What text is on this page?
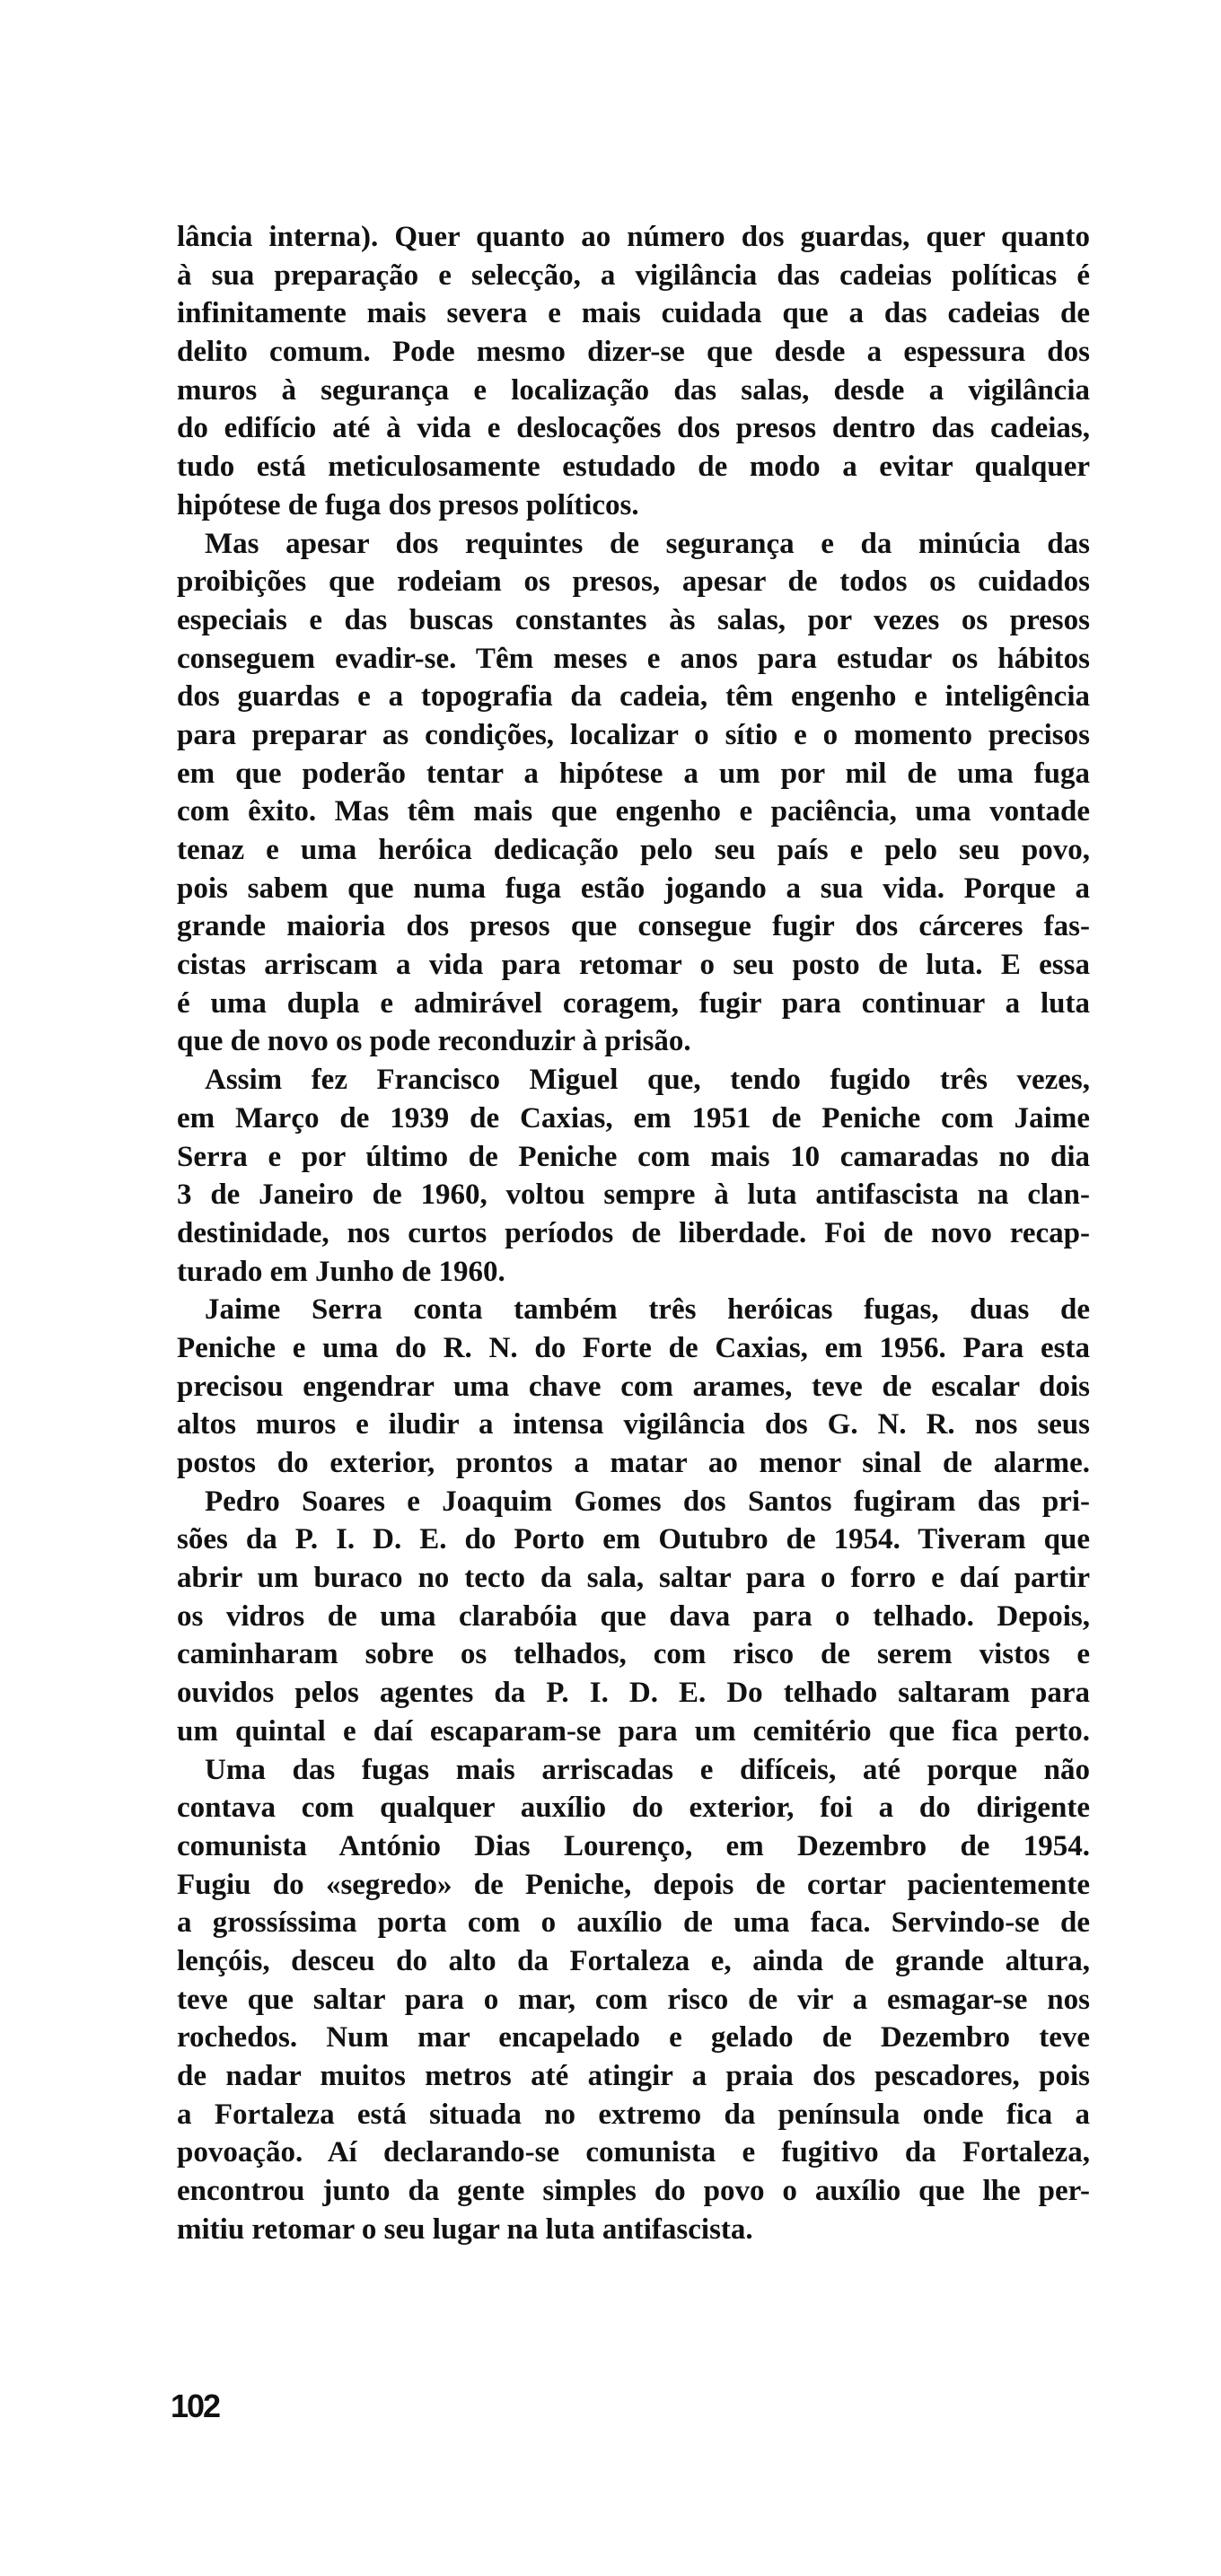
lância interna). Quer quanto ao número dos guardas, quer quanto
à sua preparação e selecção, a vigilância das cadeias políticas é
infinitamente mais severa e mais cuidada que a das cadeias de
delito comum. Pode mesmo dizer-se que desde a espessura dos
muros à segurança e localização das salas, desde a vigilância
do edifício até à vida e deslocações dos presos dentro das cadeias,
tudo está meticulosamente estudado de modo a evitar qualquer
hipótese de fuga dos presos políticos.

Mas apesar dos requintes de segurança e da minúcia das
proibições que rodeiam os presos, apesar de todos os cuidados
especiais e das buscas constantes às salas, por vezes os presos
conseguem evadir-se. Têm meses e anos para estudar os hábitos
dos guardas e a topografia da cadeia, têm engenho e inteligência
para preparar as condições, localizar o sítio e o momento precisos
em que poderão tentar a hipótese a um por mil de uma fuga
com êxito. Mas têm mais que engenho e paciência, uma vontade
tenaz e uma heróica dedicação pelo seu país e pelo seu povo,
pois sabem que numa fuga estão jogando a sua vida. Porque a
grande maioria dos presos que consegue fugir dos cárceres fas-
cistas arriscam a vida para retomar o seu posto de luta. E essa
é uma dupla e admirável coragem, fugir para continuar a luta
que de novo os pode reconduzir à prisão.

Assim fez Francisco Miguel que, tendo fugido três vezes,
em Março de 1939 de Caxias, em 1951 de Peniche com Jaime
Serra e por último de Peniche com mais 10 camaradas no dia
3 de Janeiro de 1960, voltou sempre à luta antifascista na clan-
destinidade, nos curtos períodos de liberdade. Foi de novo recap-
turado em Junho de 1960.

Jaime Serra conta também três heróicas fugas, duas de
Peniche e uma do R. N. do Forte de Caxias, em 1956. Para esta
precisou engendrar uma chave com arames, teve de escalar dois
altos muros e iludir a intensa vigilância dos G. N. R. nos seus
postos do exterior, prontos a matar ao menor sinal de alarme.

Pedro Soares e Joaquim Gomes dos Santos fugiram das pri-
sões da P. I. D. E. do Porto em Outubro de 1954. Tiveram que
abrir um buraco no tecto da sala, saltar para o forro e daí partir
os vidros de uma clarabóia que dava para o telhado. Depois,
caminharam sobre os telhados, com risco de serem vistos e
ouvidos pelos agentes da P. I. D. E. Do telhado saltaram para
um quintal e daí escaparam-se para um cemitério que fica perto.

Uma das fugas mais arriscadas e difíceis, até porque não
contava com qualquer auxílio do exterior, foi a do dirigente
comunista António Dias Lourenço, em Dezembro de 1954.
Fugiu do «segredo» de Peniche, depois de cortar pacientemente
a grossíssima porta com o auxílio de uma faca. Servindo-se de
lençóis, desceu do alto da Fortaleza e, ainda de grande altura,
teve que saltar para o mar, com risco de vir a esmagar-se nos
rochedos. Num mar encapelado e gelado de Dezembro teve
de nadar muitos metros até atingir a praia dos pescadores, pois
a Fortaleza está situada no extremo da península onde fica a
povoação. Aí declarando-se comunista e fugitivo da Fortaleza,
encontrou junto da gente simples do povo o auxílio que lhe per-
mitiu retomar o seu lugar na luta antifascista.

102
